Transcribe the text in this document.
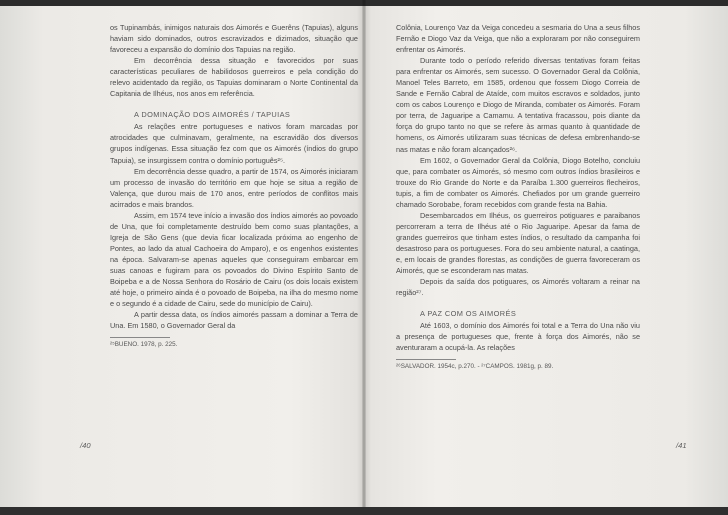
os Tupinambás, inimigos naturais dos Aimorés e Guerêns (Tapuias), alguns haviam sido dominados, outros escravizados e dizimados, situação que favoreceu a expansão do domínio dos Tapuias na região.

Em decorrência dessa situação e favorecidos por suas características peculiares de habilidosos guerreiros e pela condição do relevo acidentado da região, os Tapuias dominaram o Norte Continental da Capitania de Ilhéus, nos anos em referência.

A DOMINAÇÃO DOS AIMORÉS / TAPUIAS

As relações entre portugueses e nativos foram marcadas por atrocidades que culminavam, geralmente, na escravidão dos diversos grupos indígenas. Essa situação fez com que os Aimorés (índios do grupo Tapuia), se insurgissem contra o domínio português²⁵.

Em decorrência desse quadro, a partir de 1574, os Aimorés iniciaram um processo de invasão do território em que hoje se situa a região de Valença, que durou mais de 170 anos, entre períodos de conflitos mais acirrados e mais brandos.

Assim, em 1574 teve início a invasão dos índios aimorés ao povoado de Una, que foi completamente destruído bem como suas plantações, a Igreja de São Gens (que devia ficar localizada próxima ao engenho de Pontes, ao lado da atual Cachoeira do Amparo), e os engenhos existentes na época. Salvaram-se apenas aqueles que conseguiram embarcar em suas canoas e fugiram para os povoados do Divino Espírito Santo de Boipeba e a de Nossa Senhora do Rosário de Cairu (os dois locais existem até hoje, o primeiro ainda é o povoado de Boipeba, na ilha do mesmo nome e o segundo é a cidade de Cairu, sede do município de Cairu).

A partir dessa data, os índios aimorés passam a dominar a Terra de Una. Em 1580, o Governador Geral da

²⁵BUENO. 1978, p. 225.
/40

Colônia, Lourenço Vaz da Veiga concedeu a sesmaria do Una a seus filhos Fernão e Diogo Vaz da Veiga, que não a exploraram por não conseguirem enfrentar os Aimorés.

Durante todo o período referido diversas tentativas foram feitas para enfrentar os Aimorés, sem sucesso. O Governador Geral da Colônia, Manoel Teles Barreto, em 1585, ordenou que fossem Diogo Correia de Sande e Fernão Cabral de Ataíde, com muitos escravos e soldados, junto com os cabos Lourenço e Diogo de Miranda, combater os Aimorés. Foram por terra, de Jaguaripe a Camamu. A tentativa fracassou, pois diante da força do grupo tanto no que se refere às armas quanto à quantidade de homens, os Aimorés utilizaram suas técnicas de defesa embrenhando-se nas matas e não foram alcançados²⁶.

Em 1602, o Governador Geral da Colônia, Diogo Botelho, concluiu que, para combater os Aimorés, só mesmo com outros índios brasileiros e trouxe do Rio Grande do Norte e da Paraíba 1.300 guerreiros flecheiros, tupis, a fim de combater os Aimorés. Chefiados por um grande guerreiro chamado Sorobabe, foram recebidos com grande festa na Bahia.

Desembarcados em Ilhéus, os guerreiros potiguares e paraibanos percorreram a terra de Ilhéus até o Rio Jaguaripe. Apesar da fama de grandes guerreiros que tinham estes índios, o resultado da campanha foi desastroso para os portugueses. Fora do seu ambiente natural, a caatinga, e, em locais de grandes florestas, as condições de guerra favoreceram os Aimorés, que se esconderam nas matas.

Depois da saída dos potiguares, os Aimorés voltaram a reinar na região²⁷.

A PAZ COM OS AIMORÉS

Até 1603, o domínio dos Aimorés foi total e a Terra do Una não viu a presença de portugueses que, frente à força dos Aimorés, não se aventuraram a ocupá-la. As relações

²⁶SALVADOR. 1954c, p.270. - ²⁷CAMPOS. 1981g, p. 89.
/41
